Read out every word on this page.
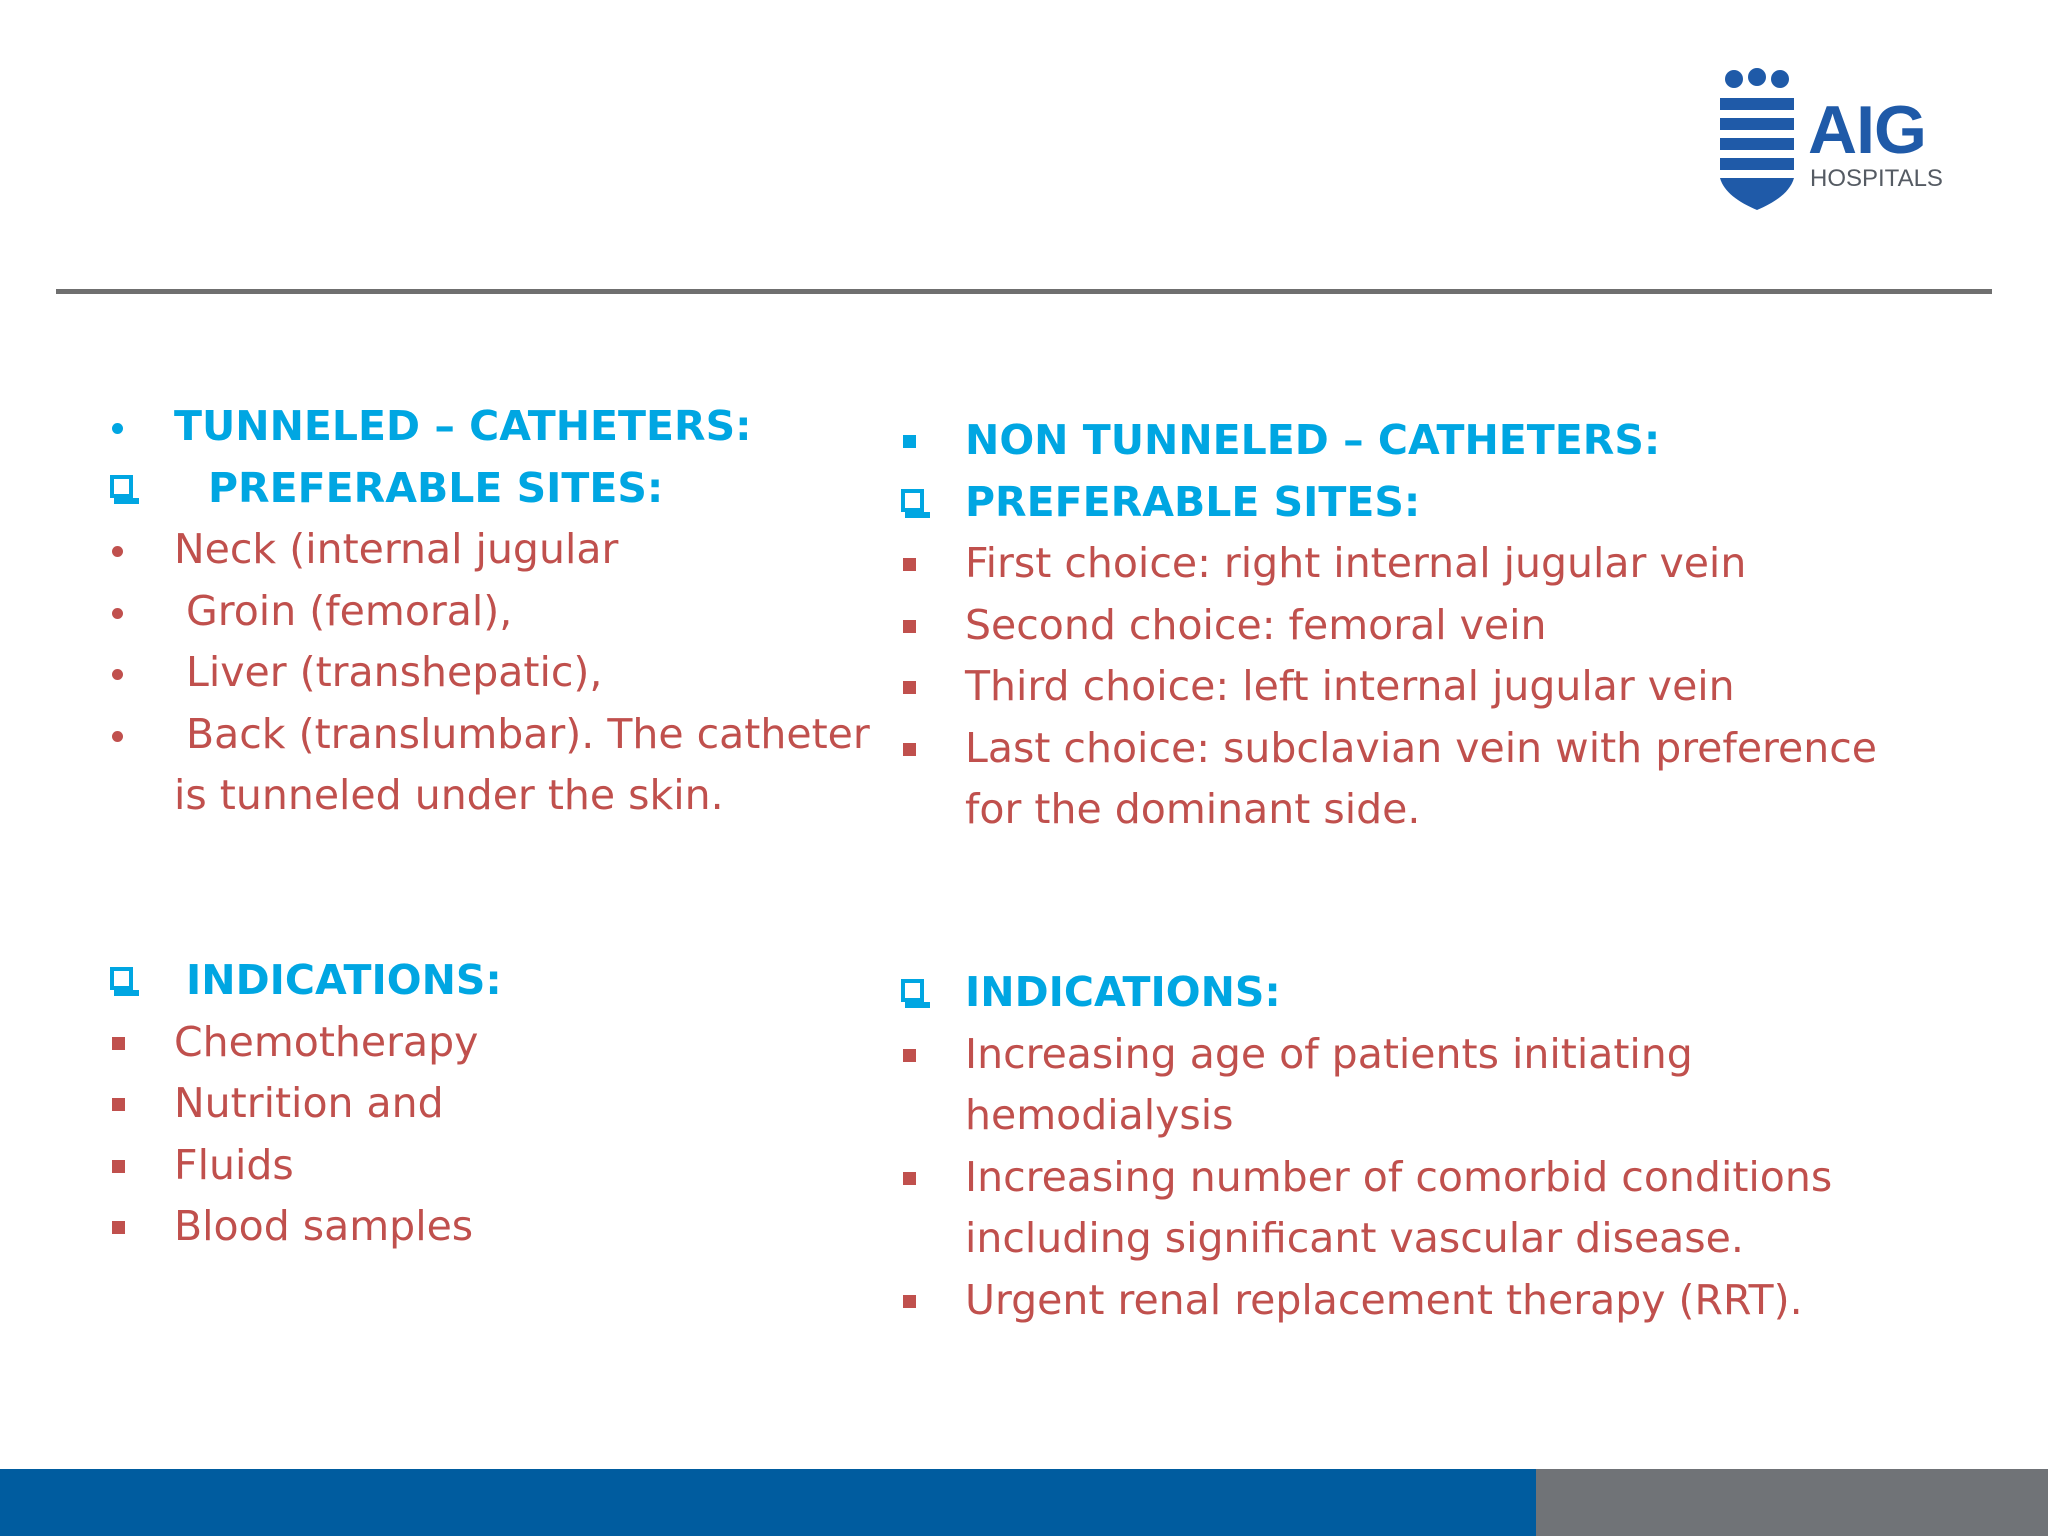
AIG
HOSPITALS
TUNNELED – CATHETERS:
PREFERABLE SITES:
Neck (internal jugular
Groin (femoral),
Liver (transhepatic),
Back (translumbar). The catheter
is tunneled under the skin.
INDICATIONS:
Chemotherapy
Nutrition and
Fluids
Blood samples
NON TUNNELED – CATHETERS:
PREFERABLE SITES:
First choice: right internal jugular vein
Second choice: femoral vein
Third choice: left internal jugular vein
Last choice: subclavian vein with preference
for the dominant side.
INDICATIONS:
Increasing age of patients initiating
hemodialysis
Increasing number of comorbid conditions
including significant vascular disease.
Urgent renal replacement therapy (RRT).
